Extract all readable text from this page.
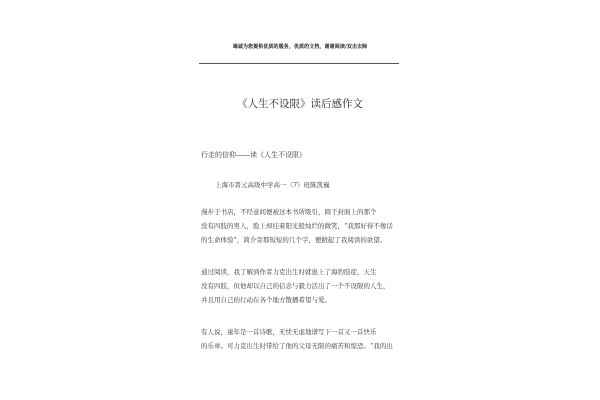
竭诚为您提供优质的服务，优质的文档，谢谢阅读/双击去除
《人生不设限》读后感作文
行走的信仰——读《人生不设限》
上海市晋元高级中学高一（7）班陈凯巍
漫步于书店，不经意间便被这本书所吸引，圆于封面上的那个
没有四肢的男人，脸上却挂着阳光般灿烂的微笑，“我那好得不像话
的生命体验”，简介旁那短短的几个字，便掀起了我阅读的欲望。
通过阅读，我了解到作者力克出生时就患上了海豹肢症，天生
没有四肢，但他却以自己的信念与毅力活出了一个不设限的人生，
并且用自己的行动在各个地方散播希望与爱。
有人说，童年是一首诗歌，无忧无虑地谱写下一首又一首快乐
的乐章。可力克出生时带给了他的父母无限的痛苦和惊恐。“我的出
